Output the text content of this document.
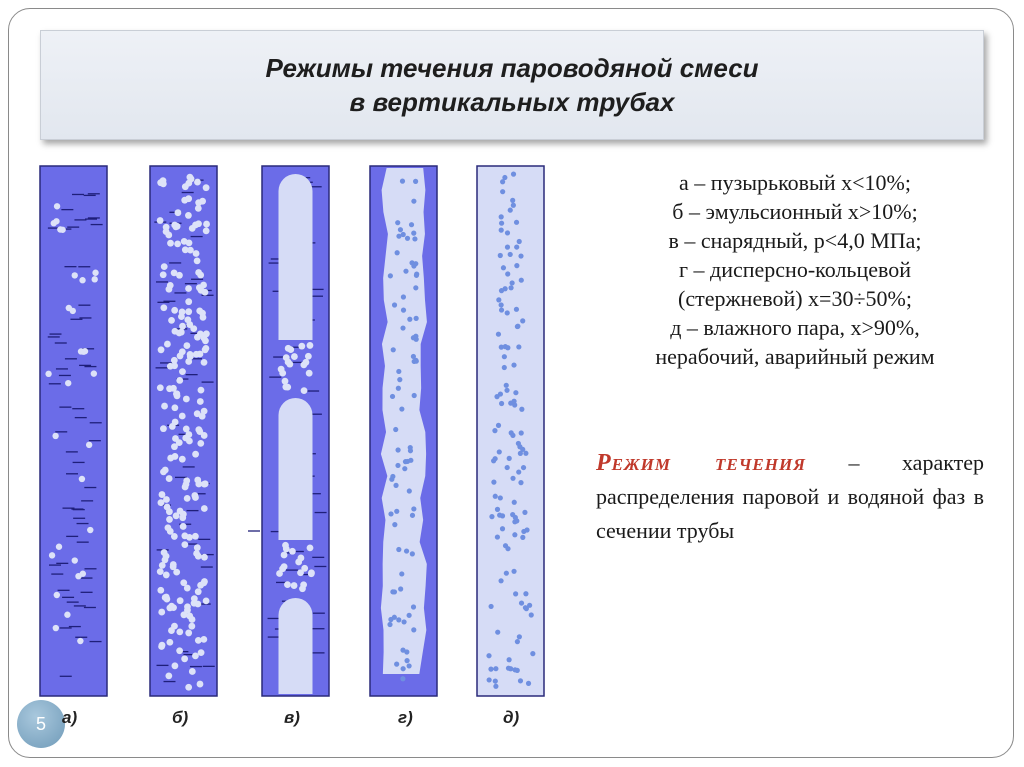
Режимы течения пароводяной смеси
в вертикальных трубах
а – пузырьковый x<10%;
б – эмульсионный x>10%;
в – снарядный, p<4,0 МПа;
г – дисперсно-кольцевой
(стержневой) x=30÷50%;
д – влажного пара, x>90%,
нерабочий, аварийный режим
Режим течения – характер распределения паровой и водяной фаз в сечении трубы
5 а)	б)	в)	г)	д)
